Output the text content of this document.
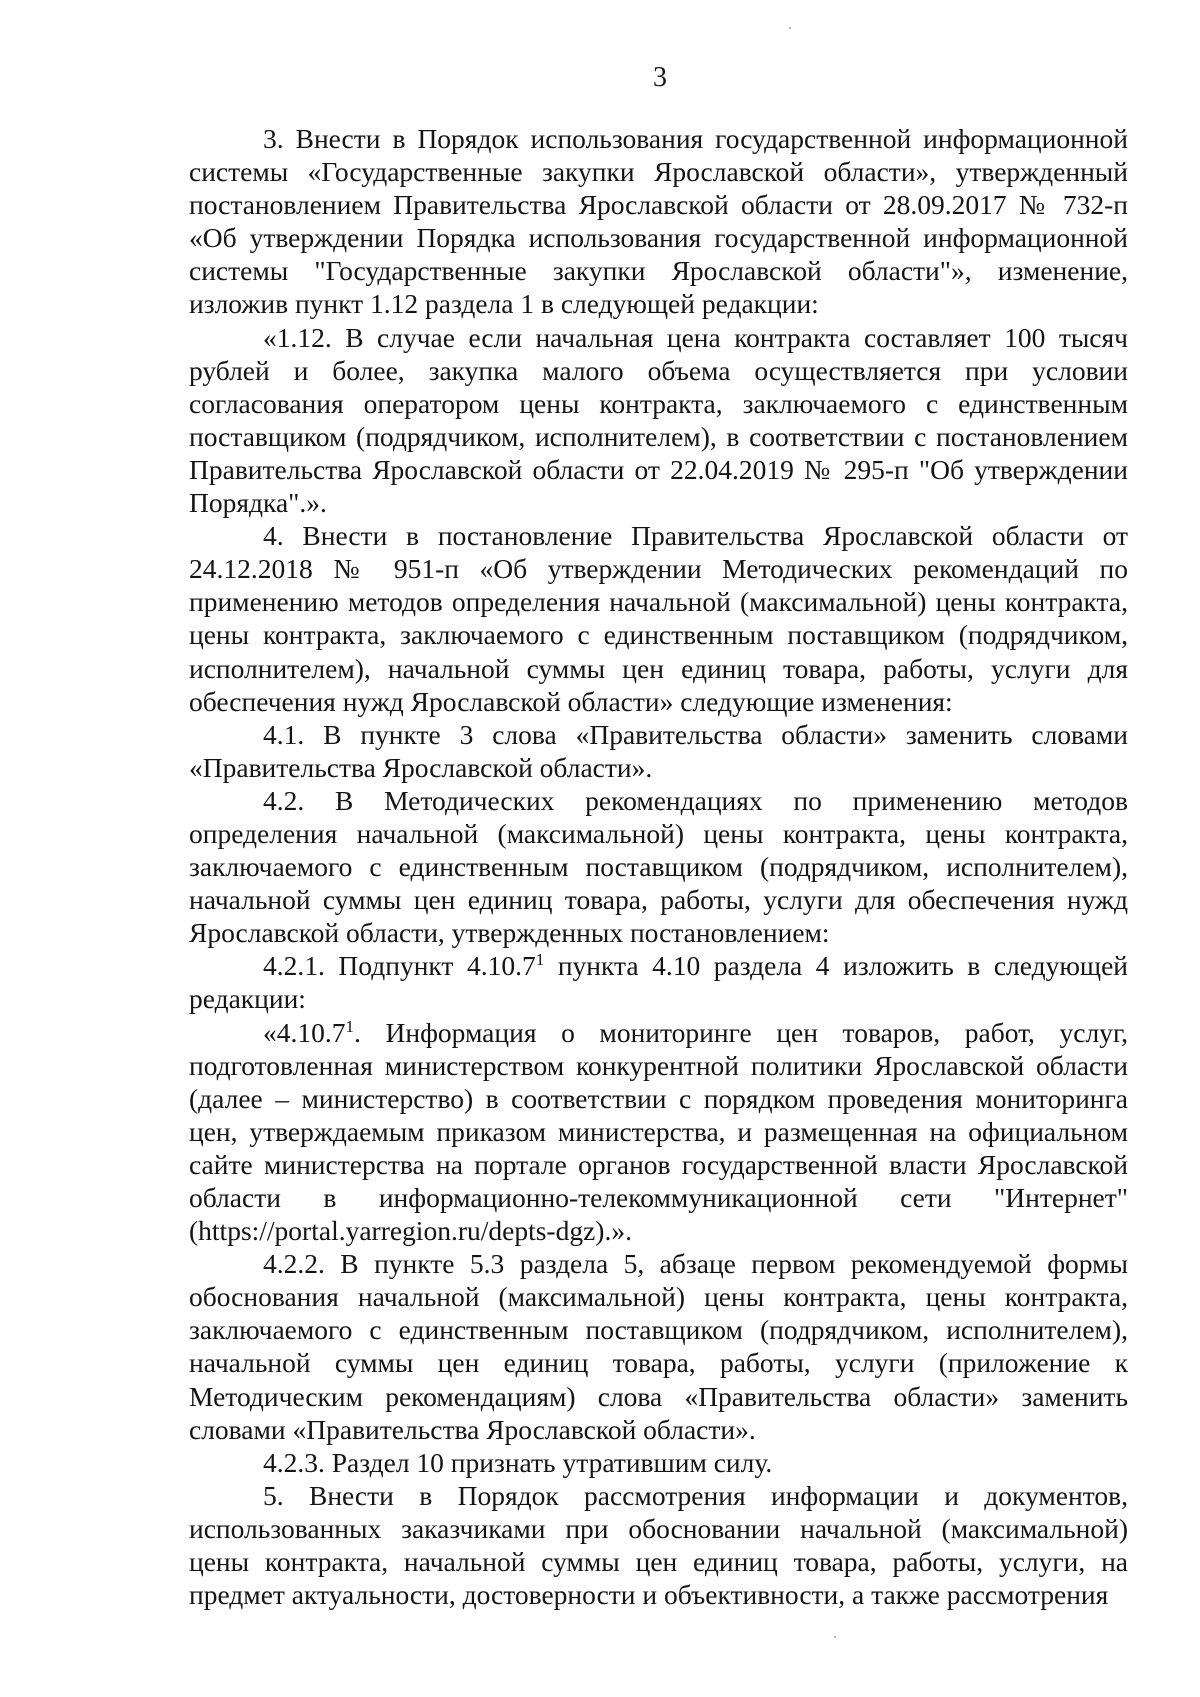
3

3. Внести в Порядок использования государственной информационной системы «Государственные закупки Ярославской области», утвержденный постановлением Правительства Ярославской области от 28.09.2017 № 732-п «Об утверждении Порядка использования государственной информационной системы "Государственные закупки Ярославской области"», изменение, изложив пункт 1.12 раздела 1 в следующей редакции:

«1.12. В случае если начальная цена контракта составляет 100 тысяч рублей и более, закупка малого объема осуществляется при условии согласования оператором цены контракта, заключаемого с единственным поставщиком (подрядчиком, исполнителем), в соответствии с постановлением Правительства Ярославской области от 22.04.2019 № 295-п "Об утверждении Порядка".».

4. Внести в постановление Правительства Ярославской области от 24.12.2018 № 951-п «Об утверждении Методических рекомендаций по применению методов определения начальной (максимальной) цены контракта, цены контракта, заключаемого с единственным поставщиком (подрядчиком, исполнителем), начальной суммы цен единиц товара, работы, услуги для обеспечения нужд Ярославской области» следующие изменения:

4.1. В пункте 3 слова «Правительства области» заменить словами «Правительства Ярославской области».

4.2. В Методических рекомендациях по применению методов определения начальной (максимальной) цены контракта, цены контракта, заключаемого с единственным поставщиком (подрядчиком, исполнителем), начальной суммы цен единиц товара, работы, услуги для обеспечения нужд Ярославской области, утвержденных постановлением:

4.2.1. Подпункт 4.10.7$^1$ пункта 4.10 раздела 4 изложить в следующей редакции:

«4.10.7$^1$. Информация о мониторинге цен товаров, работ, услуг, подготовленная министерством конкурентной политики Ярославской области (далее – министерство) в соответствии с порядком проведения мониторинга цен, утверждаемым приказом министерства, и размещенная на официальном сайте министерства на портале органов государственной власти Ярославской области в информационно-телекоммуникационной сети "Интернет" (https://portal.yarregion.ru/depts-dgz).».

4.2.2. В пункте 5.3 раздела 5, абзаце первом рекомендуемой формы обоснования начальной (максимальной) цены контракта, цены контракта, заключаемого с единственным поставщиком (подрядчиком, исполнителем), начальной суммы цен единиц товара, работы, услуги (приложение к Методическим рекомендациям) слова «Правительства области» заменить словами «Правительства Ярославской области».

4.2.3. Раздел 10 признать утратившим силу.

5. Внести в Порядок рассмотрения информации и документов, использованных заказчиками при обосновании начальной (максимальной) цены контракта, начальной суммы цен единиц товара, работы, услуги, на предмет актуальности, достоверности и объективности, а также рассмотрения
